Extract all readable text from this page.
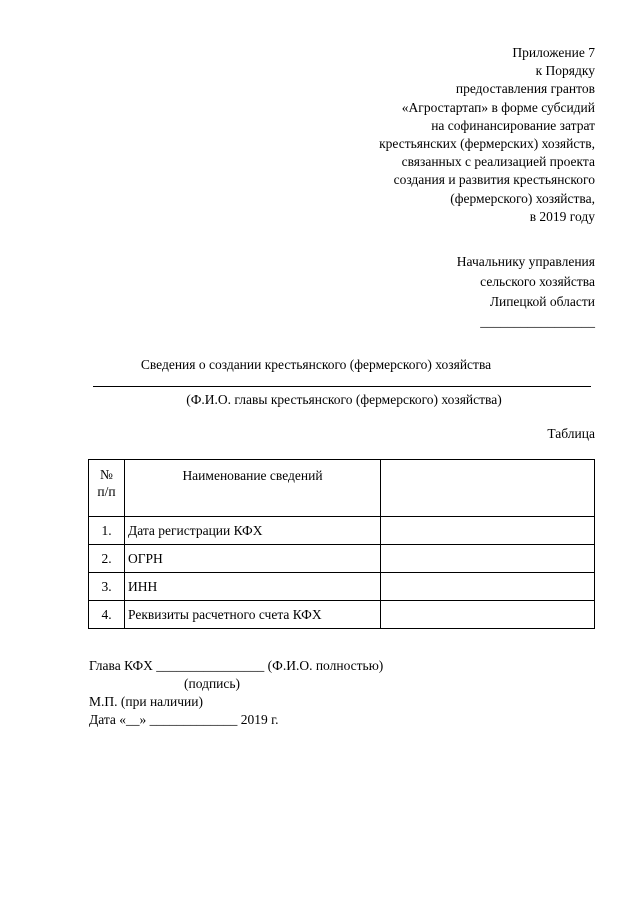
Приложение 7
к Порядку
предоставления грантов
«Агростартап» в форме субсидий
на софинансирование затрат
крестьянских (фермерских) хозяйств,
связанных с реализацией проекта
создания и развития крестьянского
(фермерского) хозяйства,
в 2019 году
Начальнику управления
сельского хозяйства
Липецкой области
_________________
Сведения о создании крестьянского (фермерского) хозяйства
(Ф.И.О. главы крестьянского (фермерского) хозяйства)
Таблица
№
п/п	Наименование сведений	
1.	Дата регистрации КФХ	
2.	ОГРН	
3.	ИНН	
4.	Реквизиты расчетного счета КФХ	
Глава КФХ ________________ (Ф.И.О. полностью)
(подпись)
М.П. (при наличии)
Дата «__» _____________ 2019 г.
